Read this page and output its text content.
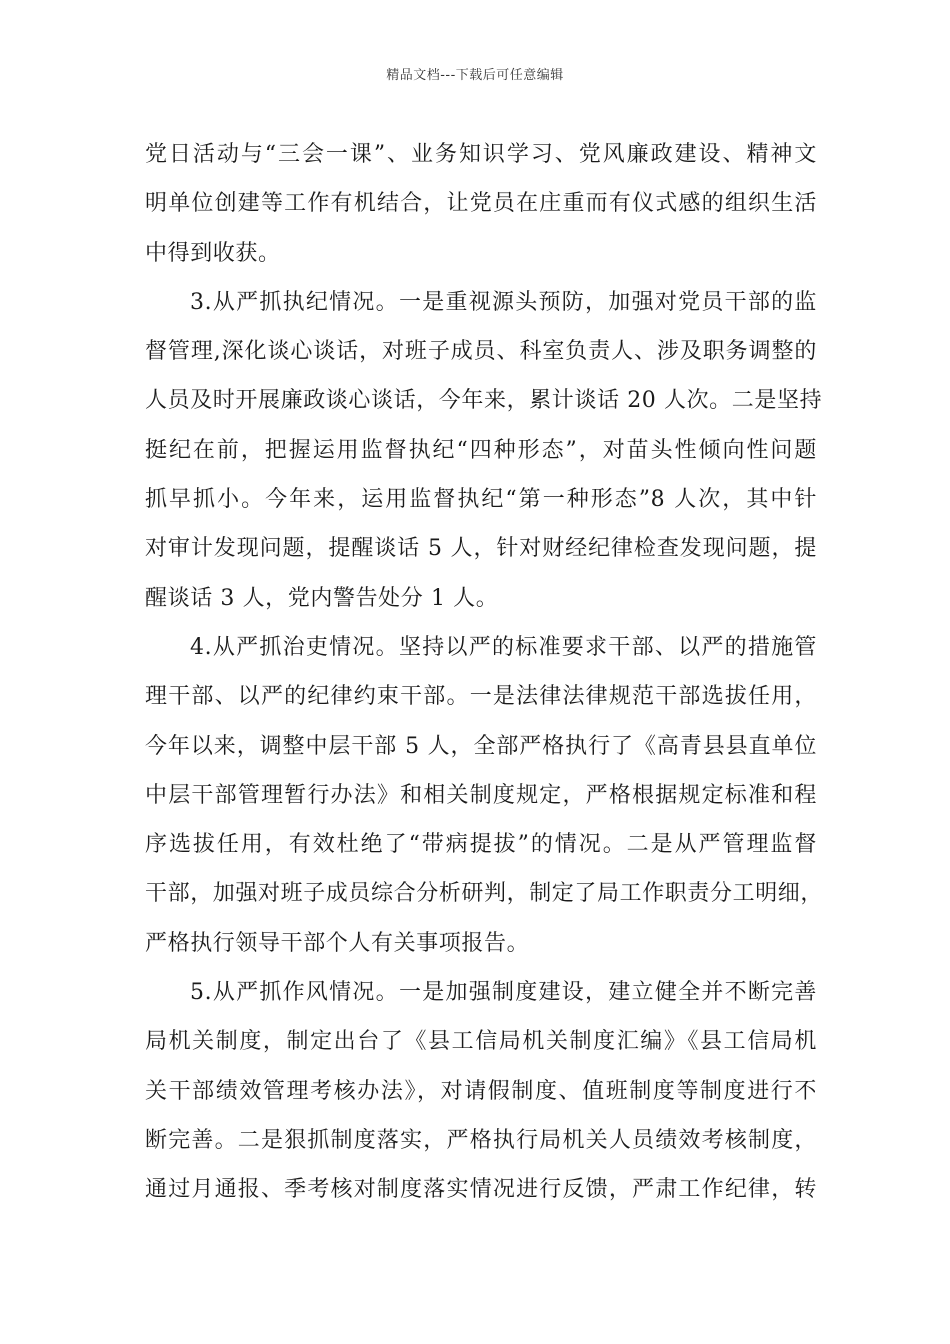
精品文档---下载后可任意编辑
党日活动与“三会一课”、业务知识学习、党风廉政建设、精神文
明单位创建等工作有机结合，让党员在庄重而有仪式感的组织生活
中得到收获。
3.从严抓执纪情况。一是重视源头预防，加强对党员干部的监
督管理,深化谈心谈话，对班子成员、科室负责人、涉及职务调整的
人员及时开展廉政谈心谈话，今年来，累计谈话 20 人次。二是坚持
挺纪在前，把握运用监督执纪“四种形态”，对苗头性倾向性问题
抓早抓小。今年来，运用监督执纪“第一种形态”8 人次，其中针
对审计发现问题，提醒谈话 5 人，针对财经纪律检查发现问题，提
醒谈话 3 人，党内警告处分 1 人。
4.从严抓治吏情况。坚持以严的标准要求干部、以严的措施管
理干部、以严的纪律约束干部。一是法律法律规范干部选拔任用，
今年以来，调整中层干部 5 人，全部严格执行了《高青县县直单位
中层干部管理暂行办法》和相关制度规定，严格根据规定标准和程
序选拔任用，有效杜绝了“带病提拔”的情况。二是从严管理监督
干部，加强对班子成员综合分析研判，制定了局工作职责分工明细，
严格执行领导干部个人有关事项报告。
5.从严抓作风情况。一是加强制度建设，建立健全并不断完善
局机关制度，制定出台了《县工信局机关制度汇编》《县工信局机
关干部绩效管理考核办法》，对请假制度、值班制度等制度进行不
断完善。二是狠抓制度落实，严格执行局机关人员绩效考核制度，
通过月通报、季考核对制度落实情况进行反馈，严肃工作纪律，转
